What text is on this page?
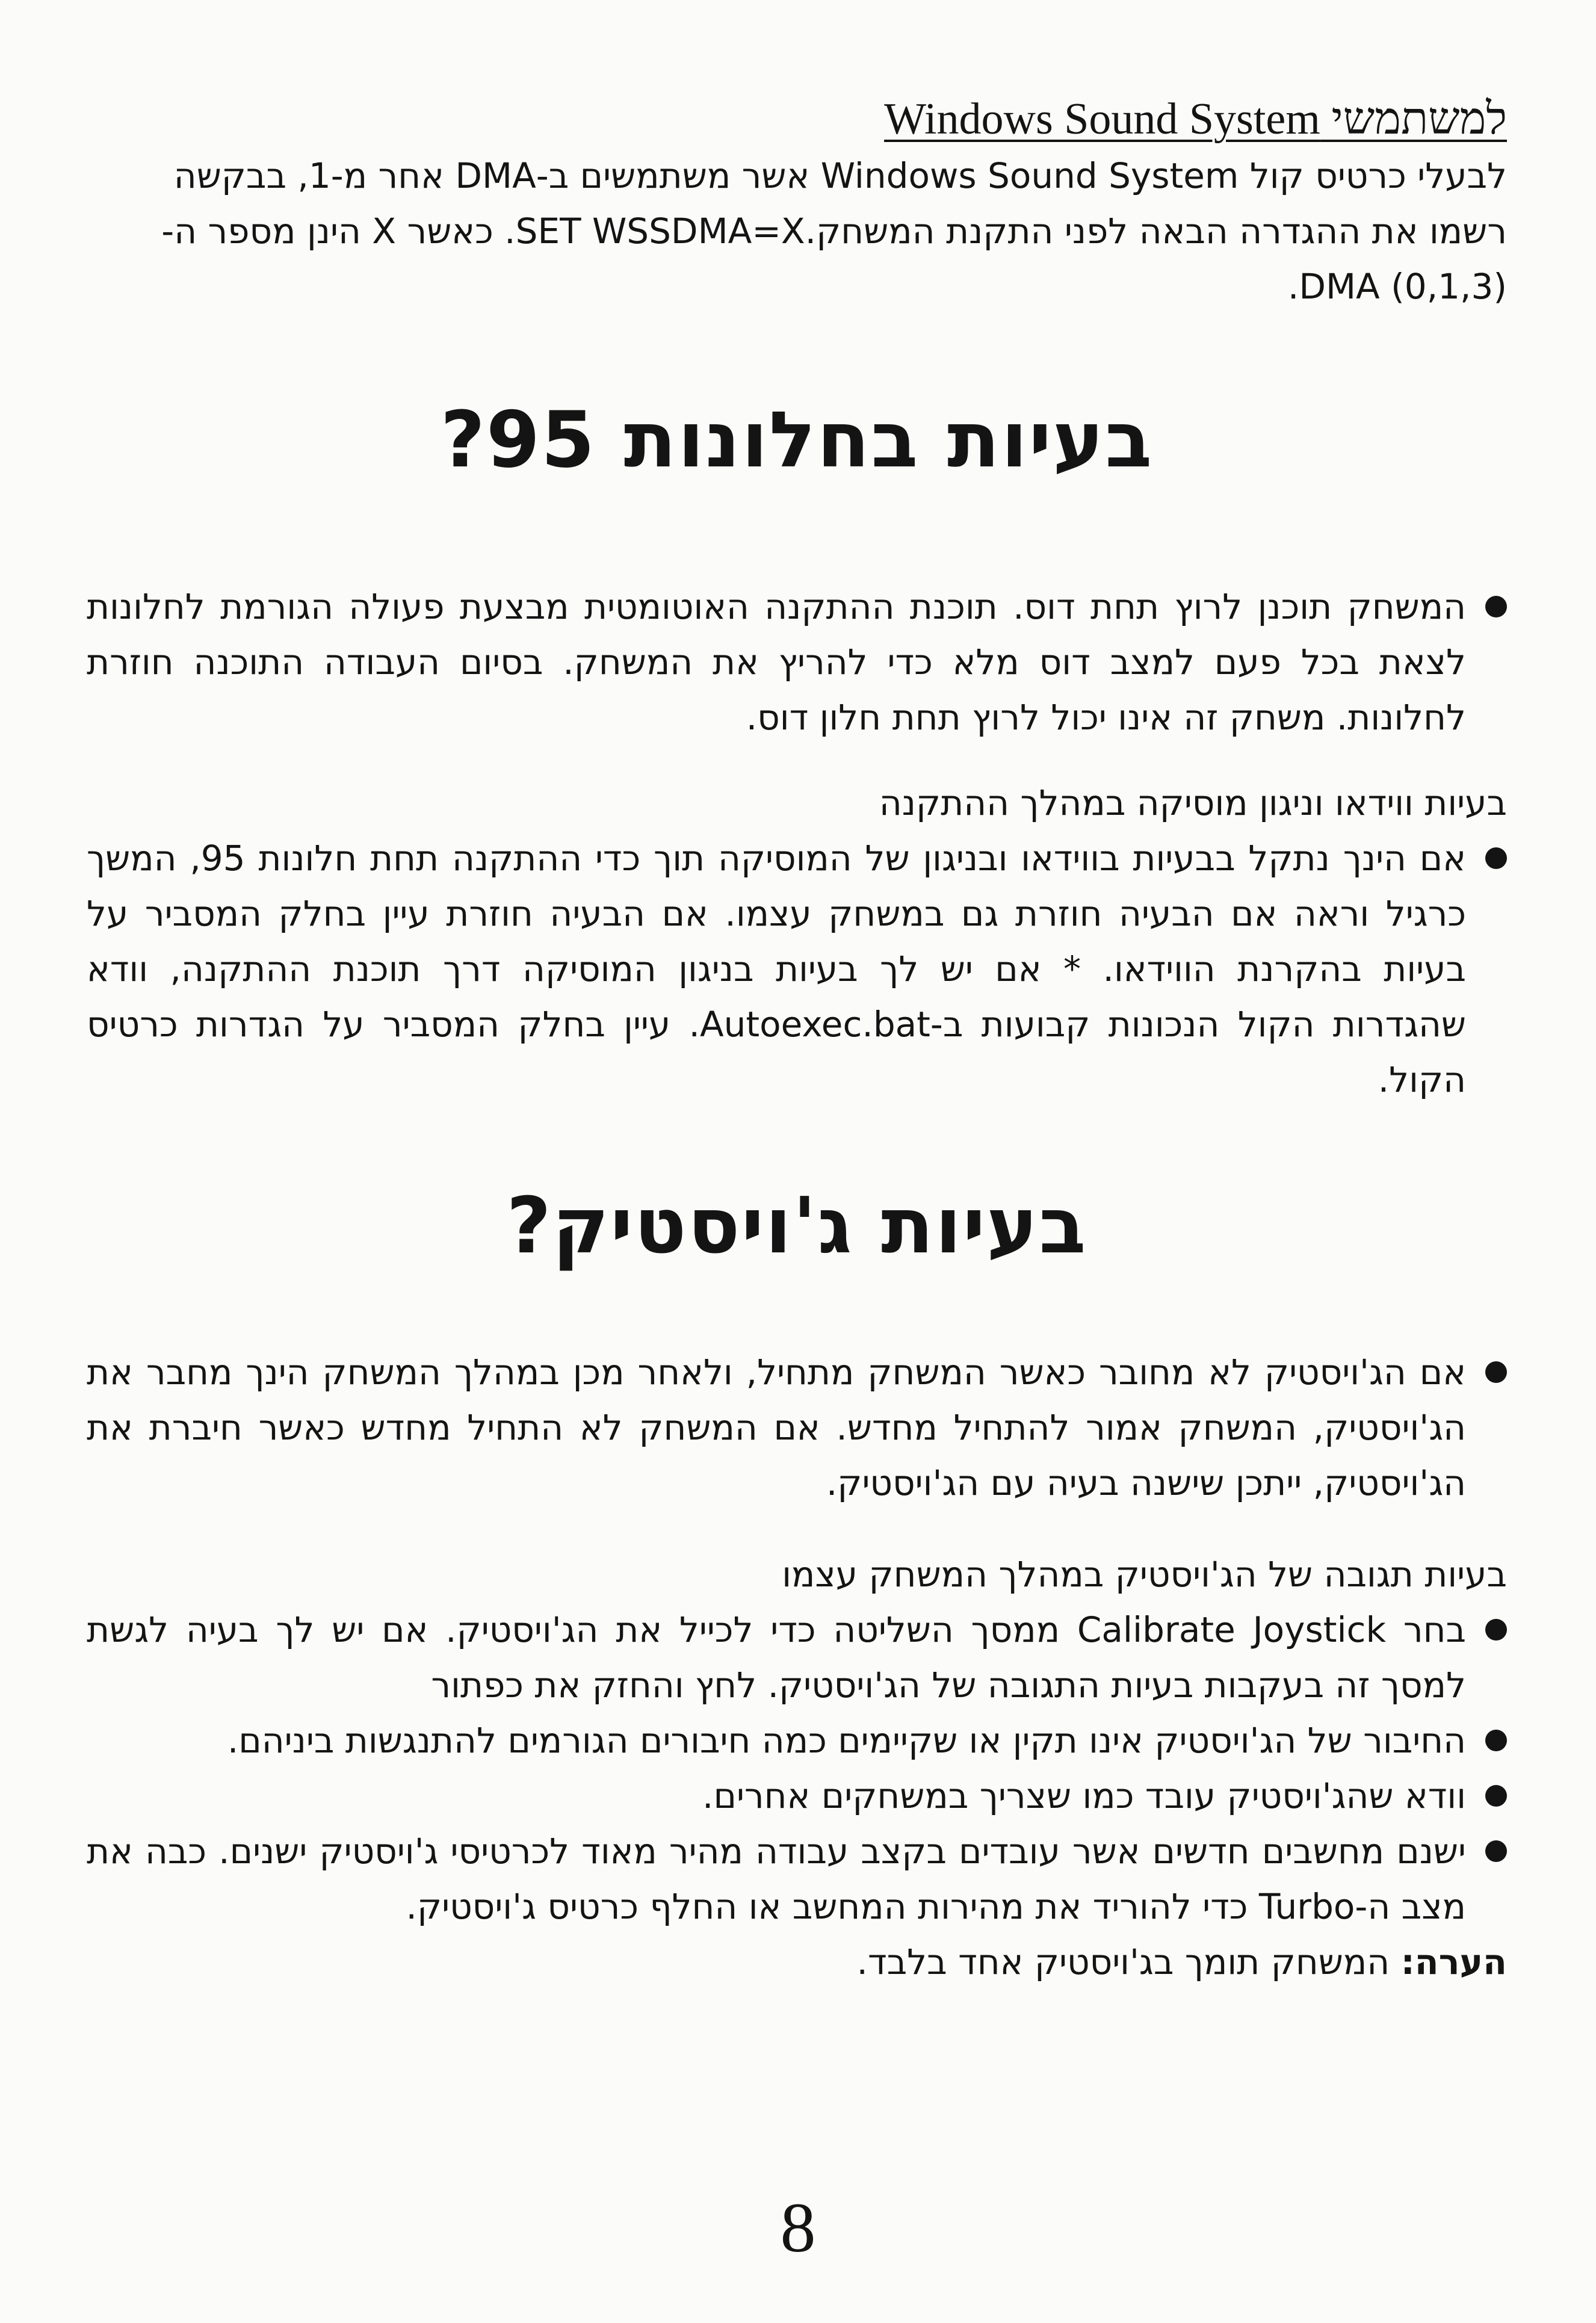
למשתמשי Windows Sound System

לבעלי כרטיס קול Windows Sound System אשר משתמשים ב-DMA אחר מ-1, בבקשה רשמו את ההגדרה הבאה לפני התקנת המשחק.SET WSSDMA=X. כאשר X הינן מספר ה-DMA (0,1,3).

בעיות בחלונות 95?
המשחק תוכנן לרוץ תחת דוס. תוכנת ההתקנה האוטומטית מבצעת פעולה הגורמת לחלונות לצאת בכל פעם למצב דוס מלא כדי להריץ את המשחק. בסיום העבודה התוכנה חוזרת לחלונות. משחק זה אינו יכול לרוץ תחת חלון דוס.

בעיות ווידאו וניגון מוסיקה במהלך ההתקנה

אם הינך נתקל בבעיות בווידאו ובניגון של המוסיקה תוך כדי ההתקנה תחת חלונות 95, המשך כרגיל וראה אם הבעיה חוזרת גם במשחק עצמו. אם הבעיה חוזרת עיין בחלק המסביר על בעיות בהקרנת הווידאו. * אם יש לך בעיות בניגון המוסיקה דרך תוכנת ההתקנה, וודא שהגדרות הקול הנכונות קבועות ב-Autoexec.bat. עיין בחלק המסביר על הגדרות כרטיס הקול.
בעיות ג'ויסטיק?
אם הג'ויסטיק לא מחובר כאשר המשחק מתחיל, ולאחר מכן במהלך המשחק הינך מחבר את הג'ויסטיק, המשחק אמור להתחיל מחדש. אם המשחק לא התחיל מחדש כאשר חיברת את הג'ויסטיק, ייתכן שישנה בעיה עם הג'ויסטיק.

בעיות תגובה של הג'ויסטיק במהלך המשחק עצמו

בחר Calibrate Joystick ממסך השליטה כדי לכייל את הג'ויסטיק. אם יש לך בעיה לגשת למסך זה בעקבות בעיות התגובה של הג'ויסטיק. לחץ והחזק את כפתור
החיבור של הג'ויסטיק אינו תקין או שקיימים כמה חיבורים הגורמים להתנגשות ביניהם.
וודא שהג'ויסטיק עובד כמו שצריך במשחקים אחרים.
ישנם מחשבים חדשים אשר עובדים בקצב עבודה מהיר מאוד לכרטיסי ג'ויסטיק ישנים. כבה את מצב ה-Turbo כדי להוריד את מהירות המחשב או החלף כרטיס ג'ויסטיק.

הערה: המשחק תומך בג'ויסטיק אחד בלבד.

8
